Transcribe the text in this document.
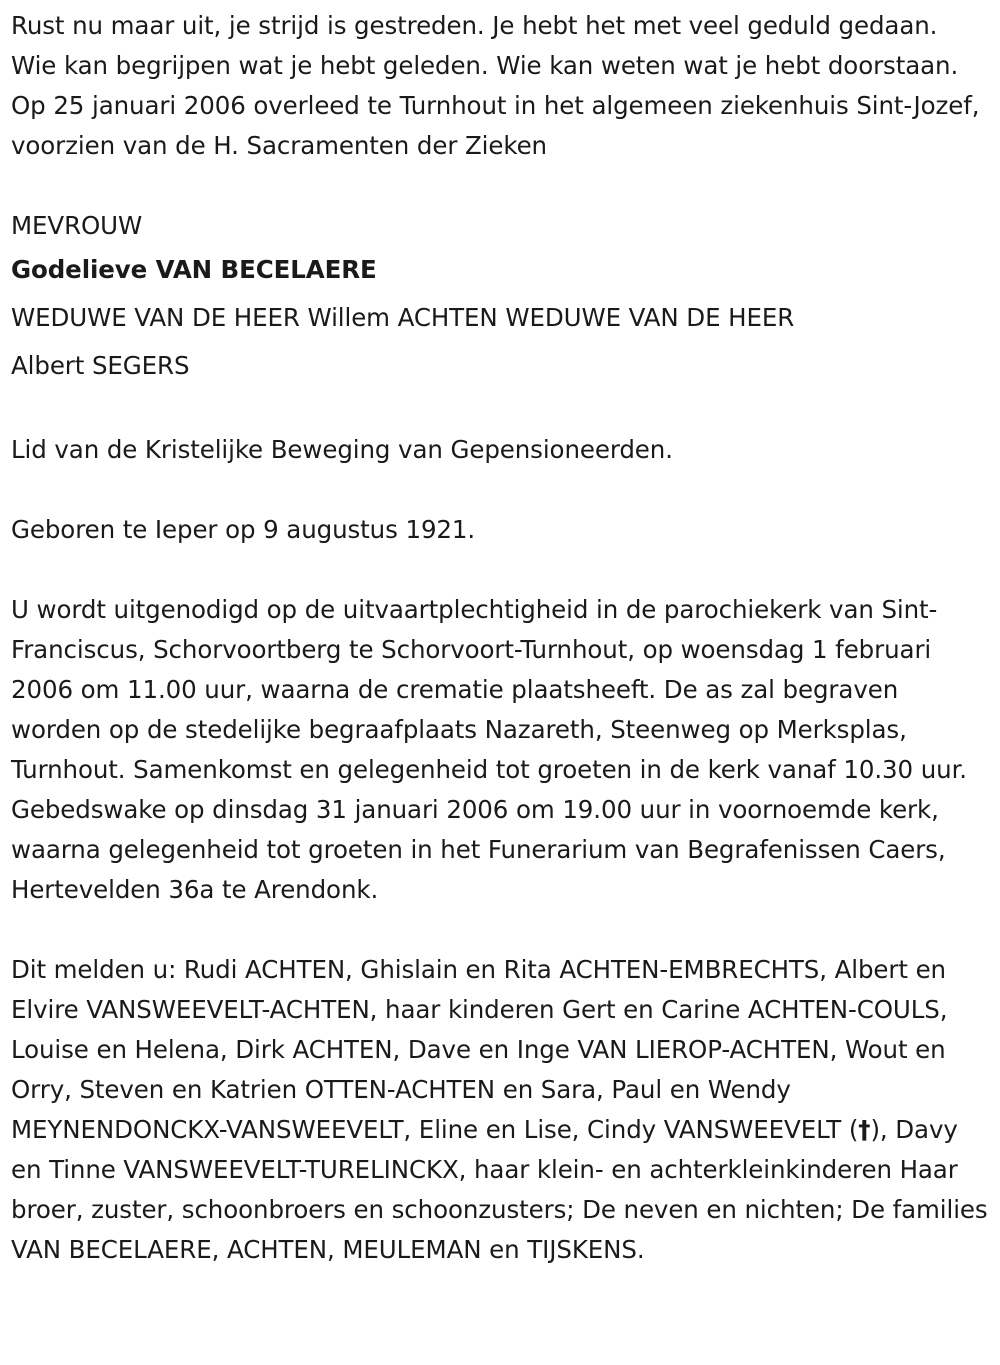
Rust nu maar uit, je strijd is gestreden. Je hebt het met veel geduld gedaan. Wie kan begrijpen wat je hebt geleden. Wie kan weten wat je hebt doorstaan. Op 25 januari 2006 overleed te Turnhout in het algemeen ziekenhuis Sint-Jozef, voorzien van de H. Sacramenten der Zieken

MEVROUW

Godelieve VAN BECELAERE

WEDUWE VAN DE HEER Willem ACHTEN WEDUWE VAN DE HEER

Albert SEGERS

Lid van de Kristelijke Beweging van Gepensioneerden.

Geboren te Ieper op 9 augustus 1921.

U wordt uitgenodigd op de uitvaartplechtigheid in de parochiekerk van Sint-Franciscus, Schorvoortberg te Schorvoort-Turnhout, op woensdag 1 februari 2006 om 11.00 uur, waarna de crematie plaatsheeft. De as zal begraven worden op de stedelijke begraafplaats Nazareth, Steenweg op Merksplas, Turnhout. Samenkomst en gelegenheid tot groeten in de kerk vanaf 10.30 uur. Gebedswake op dinsdag 31 januari 2006 om 19.00 uur in voornoemde kerk, waarna gelegenheid tot groeten in het Funerarium van Begrafenissen Caers, Hertevelden 36a te Arendonk.

Dit melden u: Rudi ACHTEN, Ghislain en Rita ACHTEN-EMBRECHTS, Albert en Elvire VANSWEEVELT-ACHTEN, haar kinderen Gert en Carine ACHTEN-COULS, Louise en Helena, Dirk ACHTEN, Dave en Inge VAN LIEROP-ACHTEN, Wout en Orry, Steven en Katrien OTTEN-ACHTEN en Sara, Paul en Wendy MEYNENDONCKX-VANSWEEVELT, Eline en Lise, Cindy VANSWEEVELT (†), Davy en Tinne VANSWEEVELT-TURELINCKX, haar klein- en achterkleinkinderen Haar broer, zuster, schoonbroers en schoonzusters; De neven en nichten; De families VAN BECELAERE, ACHTEN, MEULEMAN en TIJSKENS.
